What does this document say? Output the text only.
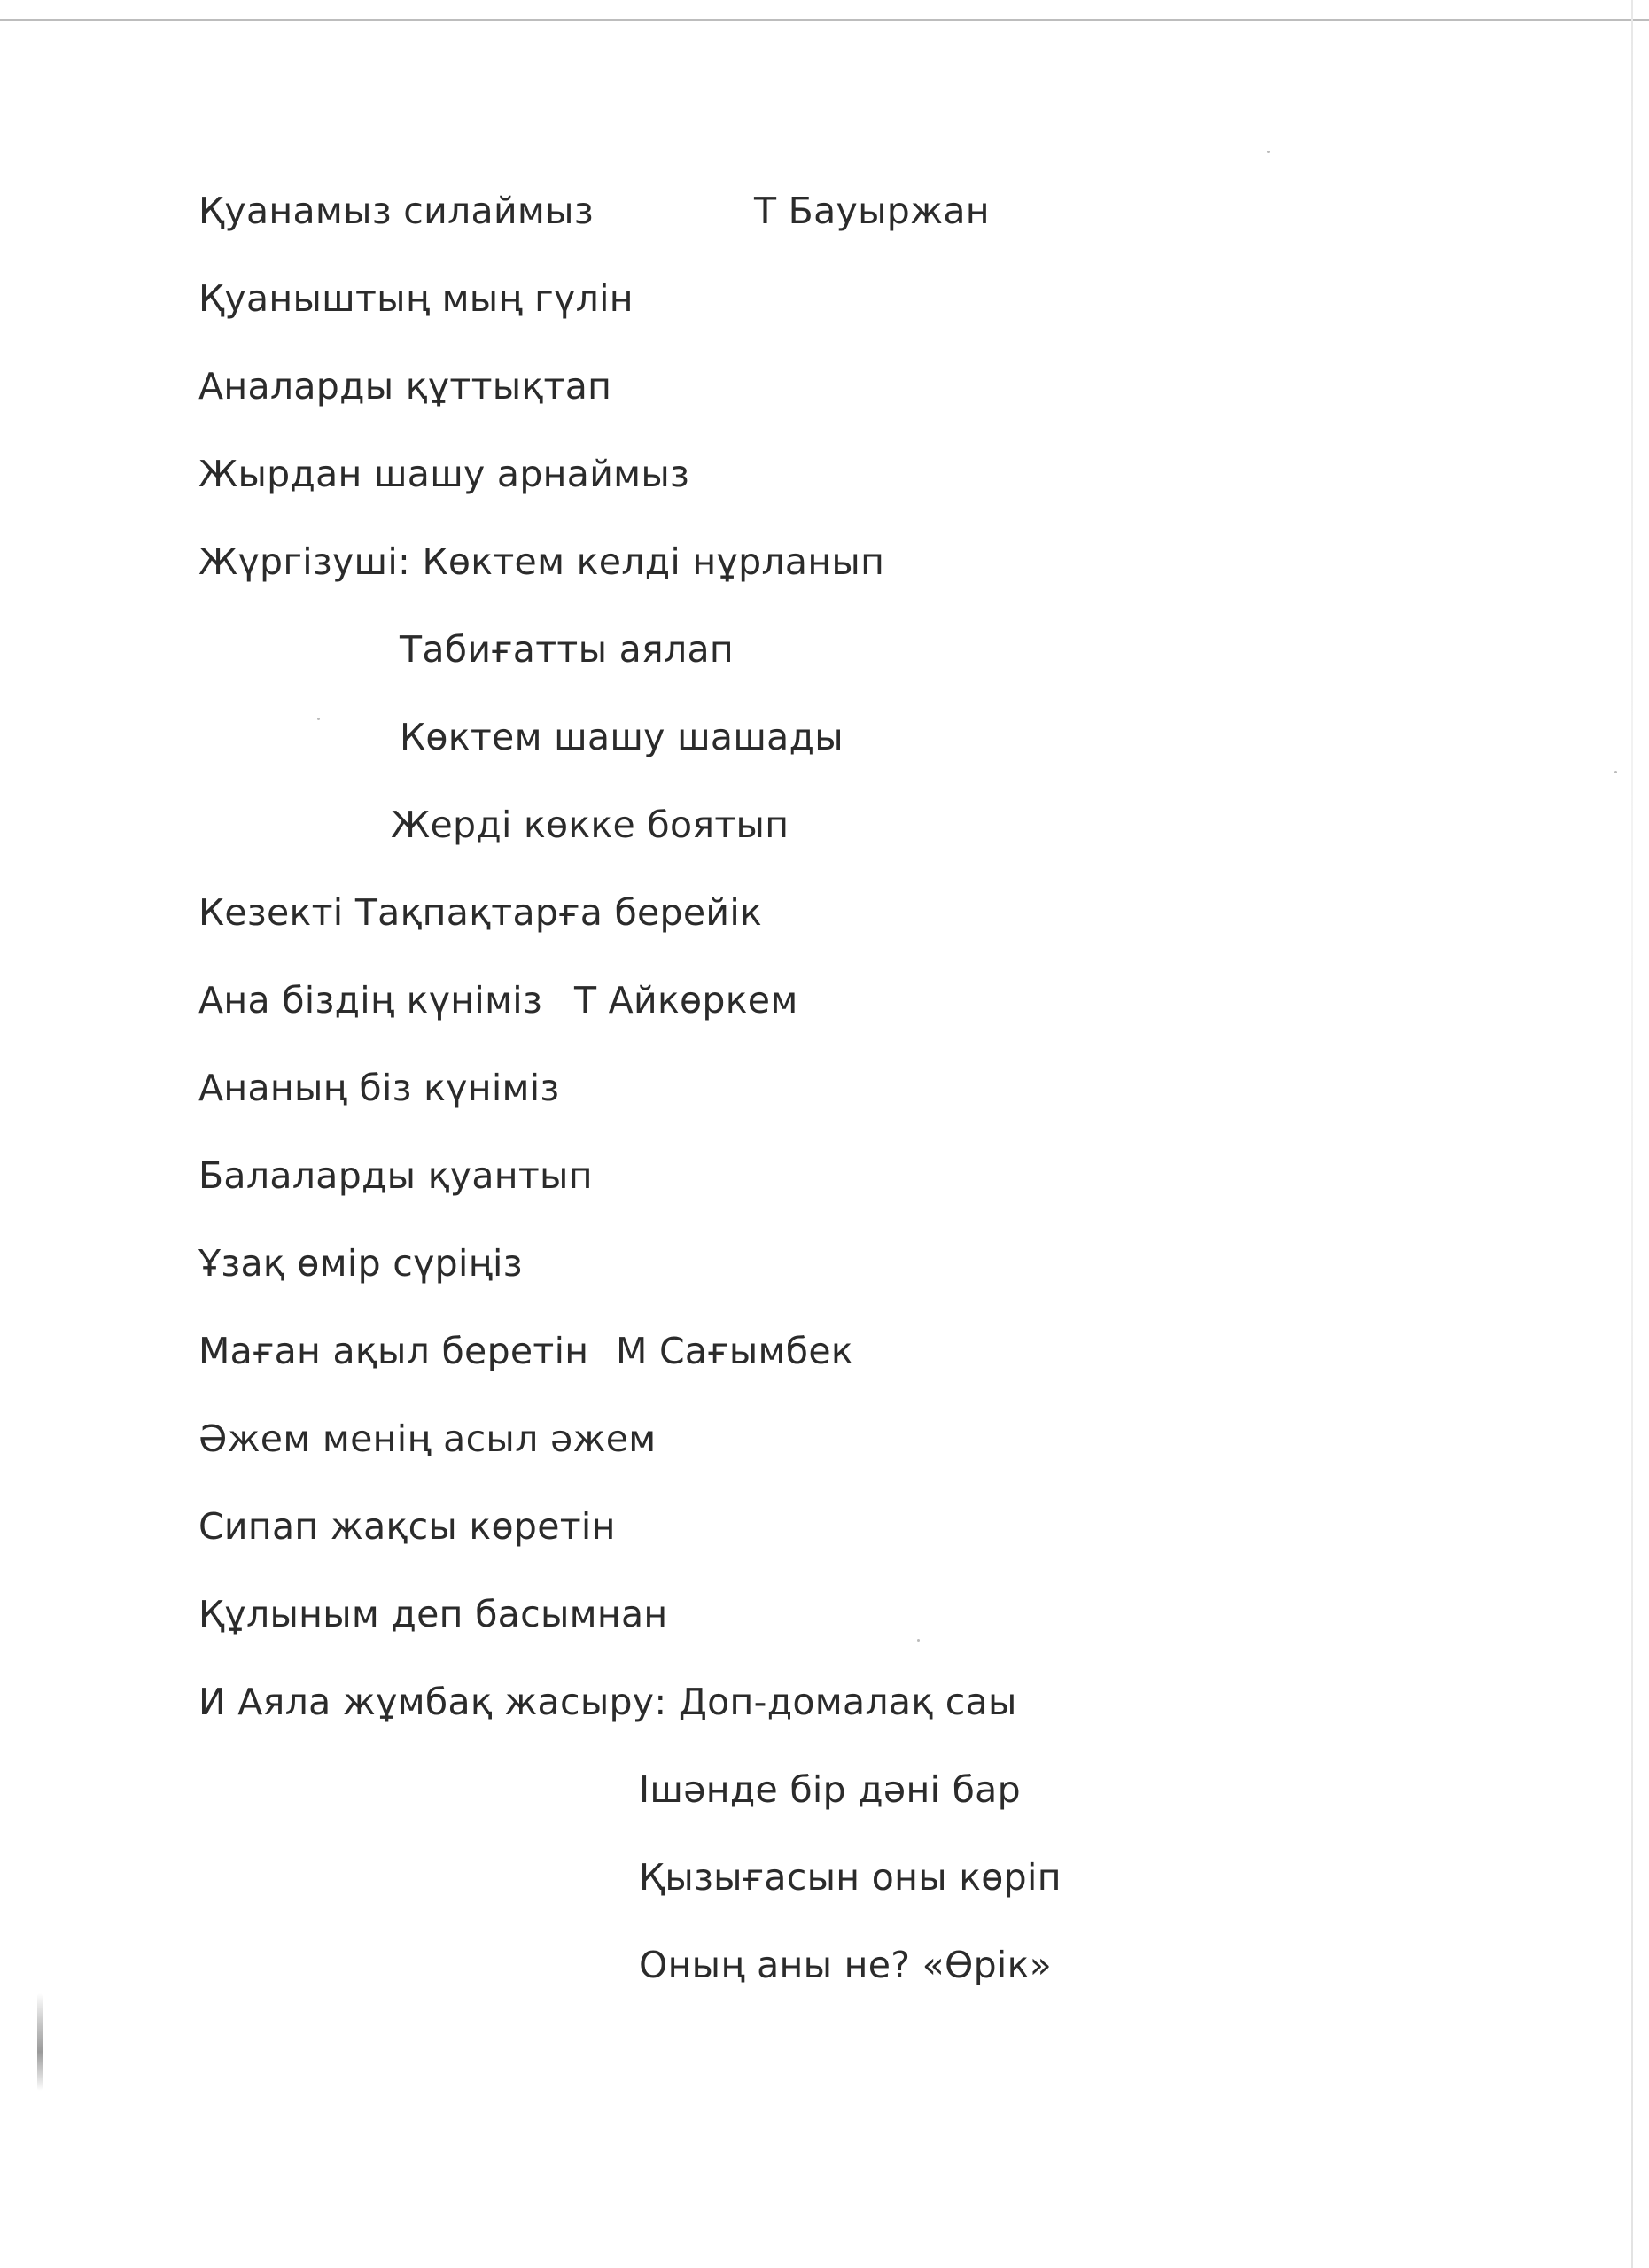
Қуанамыз силаймыз	Т Бауыржан
Қуаныштың мың гүлін
Аналарды құттықтап
Жырдан шашу арнаймыз
Жүргізуші: Көктем келді нұрланып
Табиғатты аялап
Көктем шашу шашады
Жерді көкке боятып
Кезекті Тақпақтарға берейік
Ана біздің күніміз Т Айкөркем
Ананың біз күніміз
Балаларды қуантып
Ұзақ өмір сүріңіз
Маған ақыл беретін М Сағымбек
Әжем менің асыл әжем
Сипап жақсы көретін
Құлыным деп басымнан
И Аяла жұмбақ жасыру: Доп-домалақ саы
Ішәнде бір дәні бар
Қызығасын оны көріп
Оның аны не? «Өрік»
